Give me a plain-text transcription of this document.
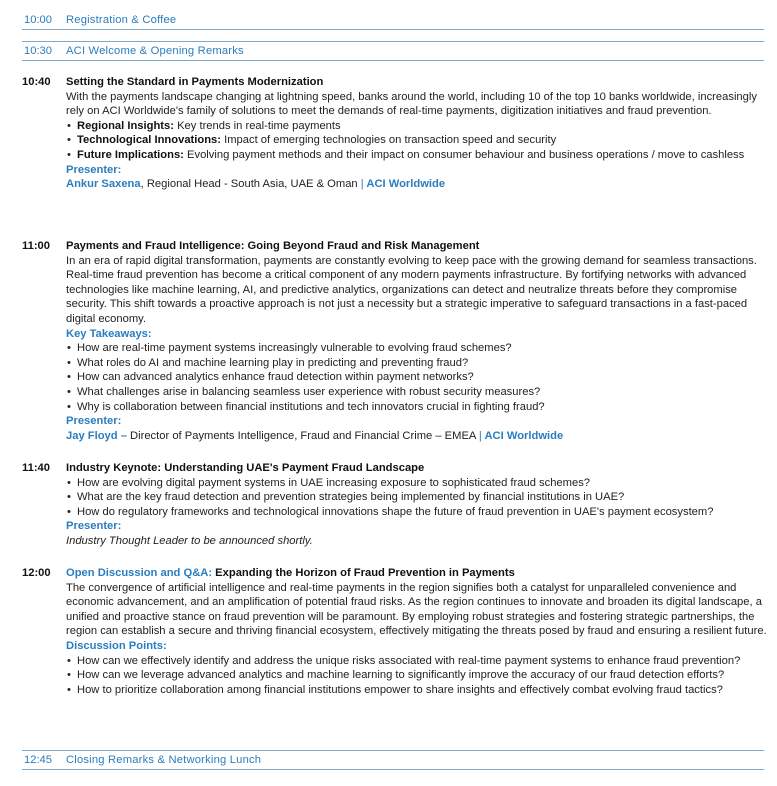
10:00 Registration & Coffee
10:30 ACI Welcome & Opening Remarks
10:40 Setting the Standard in Payments Modernization

With the payments landscape changing at lightning speed, banks around the world, including 10 of the top 10 banks worldwide, increasingly rely on ACI Worldwide's family of solutions to meet the demands of real-time payments, digitization initiatives and fraud prevention.

• Regional Insights: Key trends in real-time payments
• Technological Innovations: Impact of emerging technologies on transaction speed and security
• Future Implications: Evolving payment methods and their impact on consumer behaviour and business operations / move to cashless
Presenter:
Ankur Saxena, Regional Head - South Asia, UAE & Oman | ACI Worldwide
11:00 Payments and Fraud Intelligence: Going Beyond Fraud and Risk Management

In an era of rapid digital transformation, payments are constantly evolving to keep pace with the growing demand for seamless transactions. Real-time fraud prevention has become a critical component of any modern payments infrastructure. By fortifying networks with advanced technologies like machine learning, AI, and predictive analytics, organizations can detect and neutralize threats before they compromise security. This shift towards a proactive approach is not just a necessity but a strategic imperative to safeguard transactions in a fast-paced digital economy.

Key Takeaways:
• How are real-time payment systems increasingly vulnerable to evolving fraud schemes?
• What roles do AI and machine learning play in predicting and preventing fraud?
• How can advanced analytics enhance fraud detection within payment networks?
• What challenges arise in balancing seamless user experience with robust security measures?
• Why is collaboration between financial institutions and tech innovators crucial in fighting fraud?
Presenter:
Jay Floyd – Director of Payments Intelligence, Fraud and Financial Crime – EMEA | ACI Worldwide
11:40 Industry Keynote: Understanding UAE's Payment Fraud Landscape
• How are evolving digital payment systems in UAE increasing exposure to sophisticated fraud schemes?
• What are the key fraud detection and prevention strategies being implemented by financial institutions in UAE?
• How do regulatory frameworks and technological innovations shape the future of fraud prevention in UAE's payment ecosystem?
Presenter:
Industry Thought Leader to be announced shortly.
12:00 Open Discussion and Q&A: Expanding the Horizon of Fraud Prevention in Payments

The convergence of artificial intelligence and real-time payments in the region signifies both a catalyst for unparalleled convenience and economic advancement, and an amplification of potential fraud risks. As the region continues to innovate and broaden its digital landscape, a unified and proactive stance on fraud prevention will be paramount. By employing robust strategies and fostering strategic partnerships, the region can establish a secure and thriving financial ecosystem, effectively mitigating the threats posed by fraud and ensuring a resilient future.

Discussion Points:
• How can we effectively identify and address the unique risks associated with real-time payment systems to enhance fraud prevention?
• How can we leverage advanced analytics and machine learning to significantly improve the accuracy of our fraud detection efforts?
• How to prioritize collaboration among financial institutions empower to share insights and effectively combat evolving fraud tactics?
12:45 Closing Remarks & Networking Lunch
